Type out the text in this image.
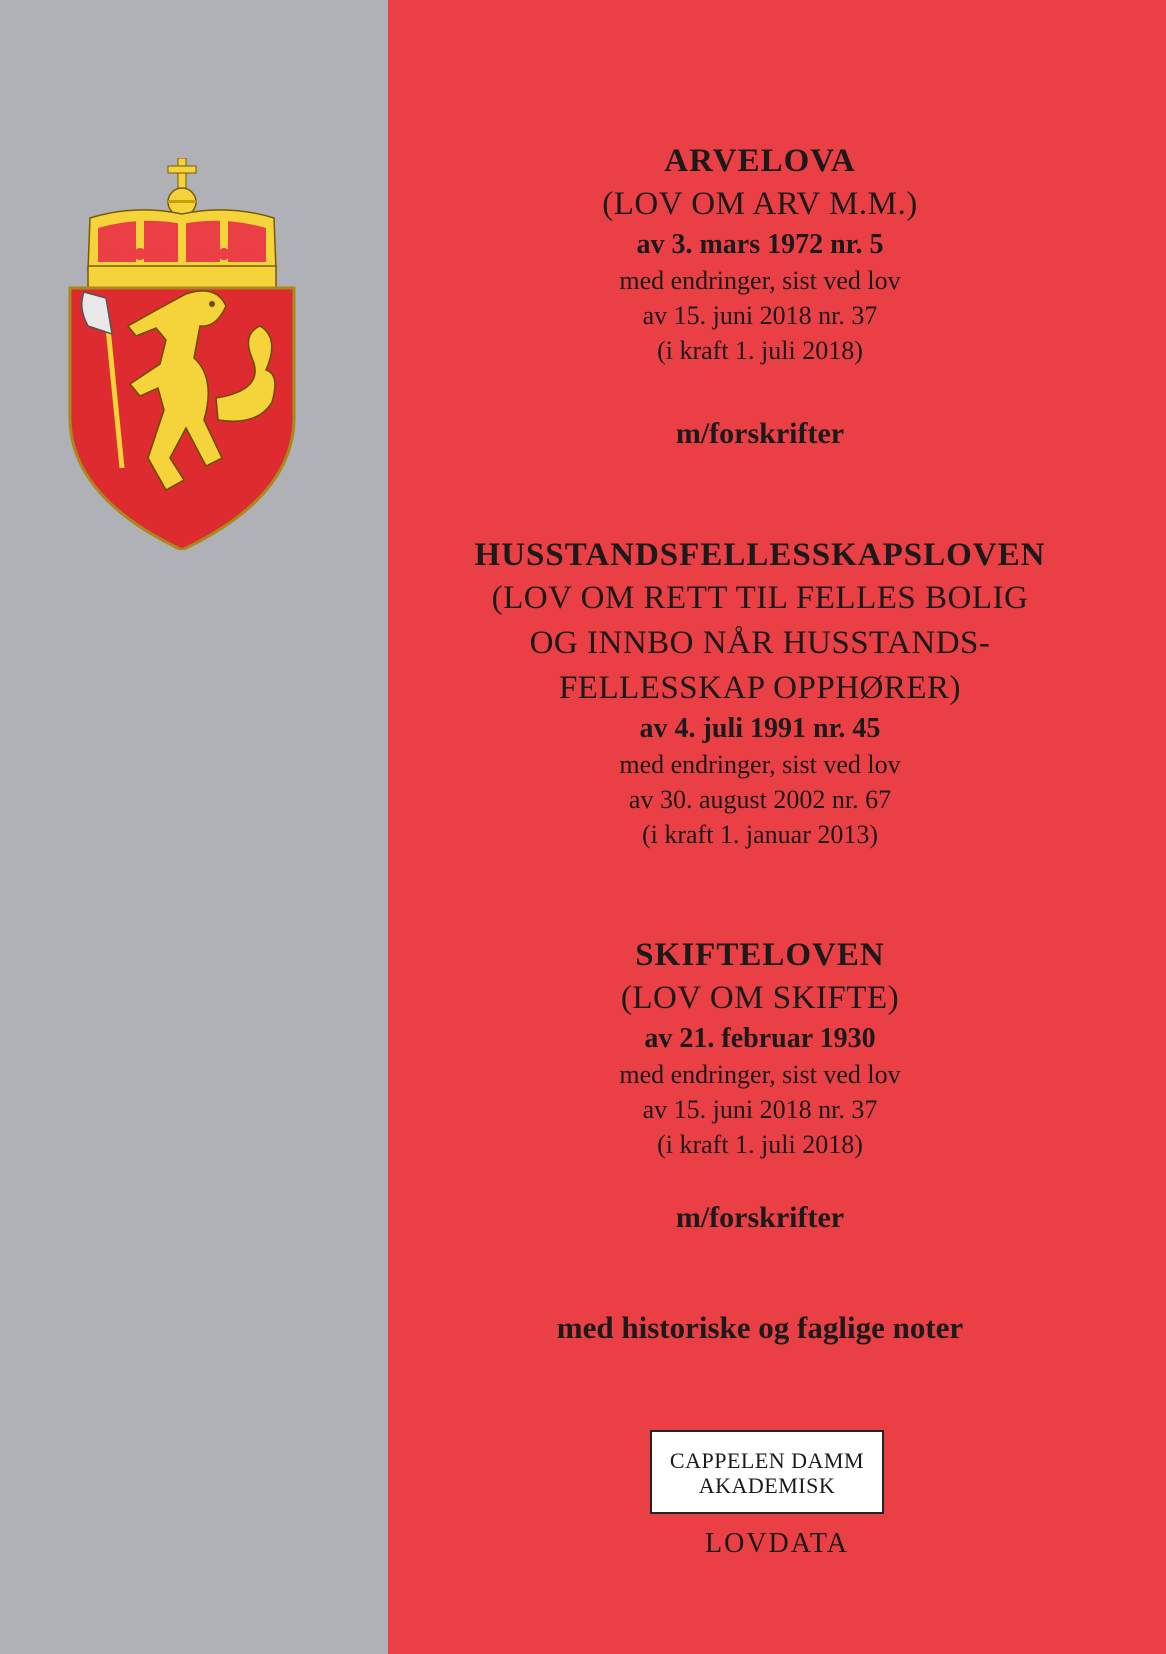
ARVELOVA
(LOV OM ARV M.M.)
av 3. mars 1972 nr. 5
med endringer, sist ved lov
av 15. juni 2018 nr. 37
(i kraft 1. juli 2018)
m/forskrifter
HUSSTANDSFELLESSKAPSLOVEN
(LOV OM RETT TIL FELLES BOLIG
OG INNBO NÅR HUSSTANDS-
FELLESSKAP OPPHØRER)
av 4. juli 1991 nr. 45
med endringer, sist ved lov
av 30. august 2002 nr. 67
(i kraft 1. januar 2013)
SKIFTELOVEN
(LOV OM SKIFTE)
av 21. februar 1930
med endringer, sist ved lov
av 15. juni 2018 nr. 37
(i kraft 1. juli 2018)
m/forskrifter
med historiske og faglige noter
CAPPELEN DAMM
AKADEMISK
LOVDATA
